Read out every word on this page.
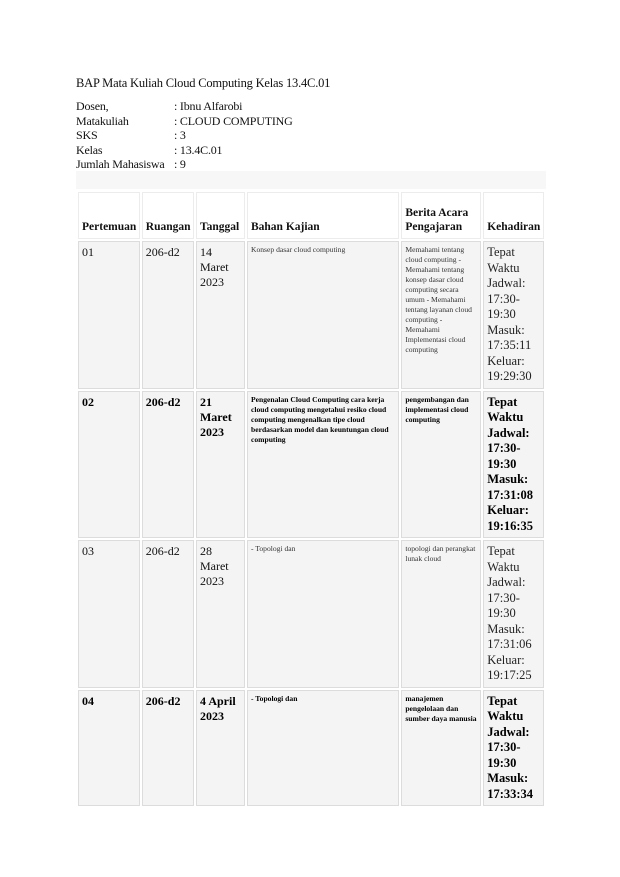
BAP Mata Kuliah Cloud Computing Kelas 13.4C.01
Dosen,	: Ibnu Alfarobi
Matakuliah	: CLOUD COMPUTING
SKS	: 3
Kelas	: 13.4C.01
Jumlah Mahasiswa : 9
Pertemuan	Ruangan	Tanggal	Bahan Kajian	Berita Acara Pengajaran	Kehadiran
01	206-d2	14 Maret 2023	Konsep dasar cloud computing	Memahami tentang cloud computing - Memahami tentang konsep dasar cloud computing secara umum - Memahami tentang layanan cloud computing - Memahami Implementasi cloud computing	Tepat Waktu Jadwal: 17:30-19:30 Masuk: 17:35:11 Keluar: 19:29:30
02	206-d2	21 Maret 2023	Pengenalan Cloud Computing cara kerja cloud computing mengetahui resiko cloud computing mengenalkan tipe cloud berdasarkan model dan keuntungan cloud computing	pengembangan dan implementasi cloud computing	Tepat Waktu Jadwal: 17:30-19:30 Masuk: 17:31:08 Keluar: 19:16:35
03	206-d2	28 Maret 2023	- Topologi dan	topologi dan perangkat lunak cloud	Tepat Waktu Jadwal: 17:30-19:30 Masuk: 17:31:06 Keluar: 19:17:25
04	206-d2	4 April 2023	- Topologi dan	manajemen pengelolaan dan sumber daya manusia	Tepat Waktu Jadwal: 17:30-19:30 Masuk: 17:33:34
